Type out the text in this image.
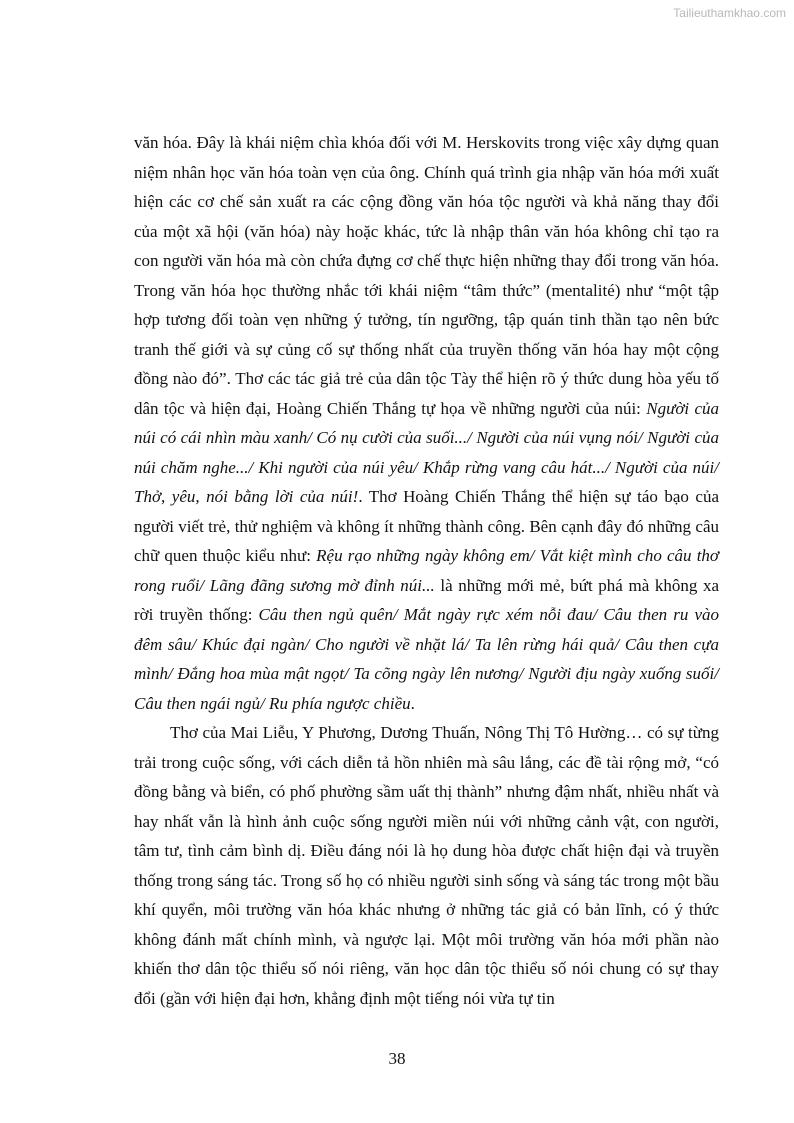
Tailieuthamkhao.com

văn hóa. Đây là khái niệm chìa khóa đối với M. Herskovits trong việc xây dựng quan niệm nhân học văn hóa toàn vẹn của ông. Chính quá trình gia nhập văn hóa mới xuất hiện các cơ chế sản xuất ra các cộng đồng văn hóa tộc người và khả năng thay đổi của một xã hội (văn hóa) này hoặc khác, tức là nhập thân văn hóa không chỉ tạo ra con người văn hóa mà còn chứa đựng cơ chế thực hiện những thay đổi trong văn hóa. Trong văn hóa học thường nhắc tới khái niệm “tâm thức” (mentalité) như “một tập hợp tương đối toàn vẹn những ý tưởng, tín ngưỡng, tập quán tinh thần tạo nên bức tranh thế giới và sự củng cố sự thống nhất của truyền thống văn hóa hay một cộng đồng nào đó”. Thơ các tác giả trẻ của dân tộc Tày thể hiện rõ ý thức dung hòa yếu tố dân tộc và hiện đại, Hoàng Chiến Thắng tự họa về những người của núi: Người của núi có cái nhìn màu xanh/ Có nụ cười của suối.../ Người của núi vụng nói/ Người của núi chăm nghe.../ Khi người của núi yêu/ Khắp rừng vang câu hát.../ Người của núi/ Thở, yêu, nói bằng lời của núi!. Thơ Hoàng Chiến Thắng thể hiện sự táo bạo của người viết trẻ, thử nghiệm và không ít những thành công. Bên cạnh đây đó những câu chữ quen thuộc kiểu như: Rệu rạo những ngày không em/ Vắt kiệt mình cho câu thơ rong ruổi/ Lãng đãng sương mờ đỉnh núi... là những mới mẻ, bứt phá mà không xa rời truyền thống: Câu then ngủ quên/ Mắt ngày rực xém nỗi đau/ Câu then ru vào đêm sâu/ Khúc đại ngàn/ Cho người về nhặt lá/ Ta lên rừng hái quả/ Câu then cựa mình/ Đắng hoa mùa mật ngọt/ Ta cõng ngày lên nương/ Người địu ngày xuống suối/ Câu then ngái ngủ/ Ru phía ngược chiều.

Thơ của Mai Liễu, Y Phương, Dương Thuấn, Nông Thị Tô Hường… có sự từng trải trong cuộc sống, với cách diễn tả hồn nhiên mà sâu lắng, các đề tài rộng mở, “có đồng bằng và biển, có phố phường sầm uất thị thành” nhưng đậm nhất, nhiều nhất và hay nhất vẫn là hình ảnh cuộc sống người miền núi với những cảnh vật, con người, tâm tư, tình cảm bình dị. Điều đáng nói là họ dung hòa được chất hiện đại và truyền thống trong sáng tác. Trong số họ có nhiều người sinh sống và sáng tác trong một bầu khí quyển, môi trường văn hóa khác nhưng ở những tác giả có bản lĩnh, có ý thức không đánh mất chính mình, và ngược lại. Một môi trường văn hóa mới phần nào khiến thơ dân tộc thiểu số nói riêng, văn học dân tộc thiểu số nói chung có sự thay đổi (gần với hiện đại hơn, khẳng định một tiếng nói vừa tự tin

38
